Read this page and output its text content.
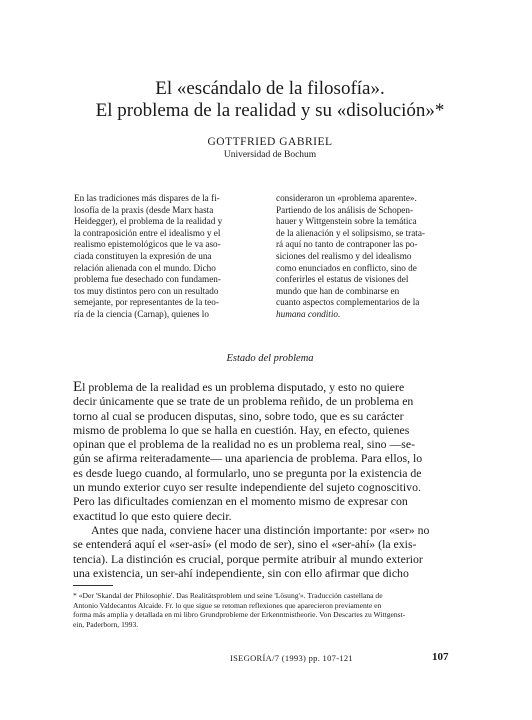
El «escándalo de la filosofía».
El problema de la realidad y su «disolución»*
GOTTFRIED GABRIEL
Universidad de Bochum
En las tradiciones más dispares de la fi-
losofía de la praxis (desde Marx hasta
Heidegger), el problema de la realidad y
la contraposición entre el idealismo y el
realismo epistemológicos que le va aso-
ciada constituyen la expresión de una
relación alienada con el mundo. Dicho
problema fue desechado con fundamen-
tos muy distintos pero con un resultado
semejante, por representantes de la teo-
ría de la ciencia (Carnap), quienes lo
consideraron un «problema aparente».
Partiendo de los análisis de Schopen-
hauer y Wittgenstein sobre la temática
de la alienación y el solipsismo, se trata-
rá aquí no tanto de contraponer las po-
siciones del realismo y del idealismo
como enunciados en conflicto, sino de
conferirles el estatus de visiones del
mundo que han de combinarse en
cuanto aspectos complementarios de la
humana conditio.
Estado del problema
El problema de la realidad es un problema disputado, y esto no quiere
decir únicamente que se trate de un problema reñido, de un problema en
torno al cual se producen disputas, sino, sobre todo, que es su carácter
mismo de problema lo que se halla en cuestión. Hay, en efecto, quienes
opinan que el problema de la realidad no es un problema real, sino —se-
gún se afirma reiteradamente— una apariencia de problema. Para ellos, lo
es desde luego cuando, al formularlo, uno se pregunta por la existencia de
un mundo exterior cuyo ser resulte independiente del sujeto cognoscitivo.
Pero las dificultades comienzan en el momento mismo de expresar con
exactitud lo que esto quiere decir.
Antes que nada, conviene hacer una distinción importante: por «ser» no
se entenderá aquí el «ser-así» (el modo de ser), sino el «ser-ahí» (la exis-
tencia). La distinción es crucial, porque permite atribuir al mundo exterior
una existencia, un ser-ahí independiente, sin con ello afirmar que dicho
* «Der 'Skandal der Philosophie'. Das Realitätsproblem und seine 'Lösung'». Traducción castellana de
Antonio Valdecantos Alcaide. Fr. lo que sigue se retoman reflexiones que aparecieron previamente en
forma más amplia y detallada en mi libro Grundprobleme der Erkenntnistheorie. Von Descartes zu Wittgenst-
ein, Paderborn, 1993.
ISEGORÍA/7 (1993) pp. 107-121	107
